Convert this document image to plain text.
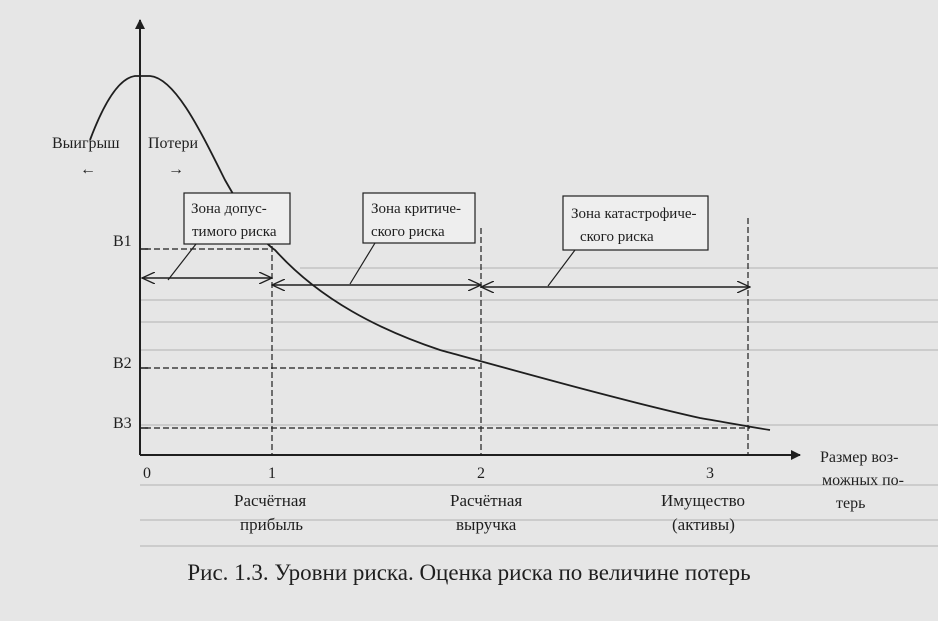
B1
B2
B3
Зона допус-
тимого риска
Зона критиче-
ского риска
Зона катастрофиче-
ского риска
Выигрыш
←
Потери
→
0	1	2	3
Размер воз- можных по- терь
Расчётная прибыль
Расчётная выручка
Имущество (активы)
Рис. 1.3. Уровни риска. Оценка риска по величине потерь
